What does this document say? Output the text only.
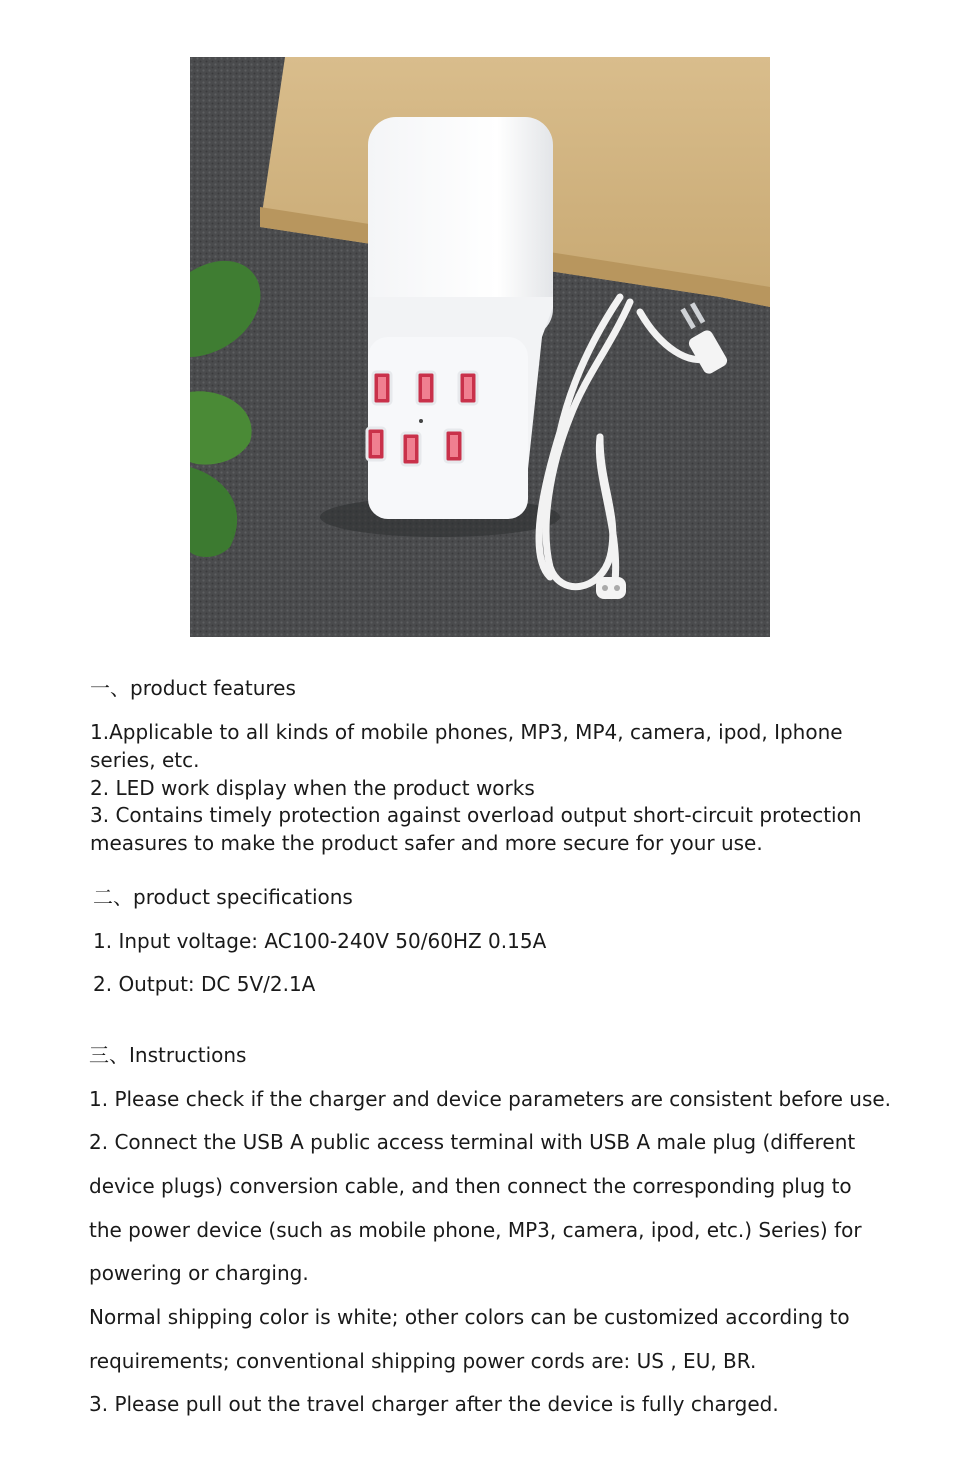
一、product features
1.Applicable to all kinds of mobile phones, MP3, MP4, camera, ipod, Iphone series, etc.
2. LED work display when the product works
3. Contains timely protection against overload output short-circuit protection measures to make the product safer and more secure for your use.
二、product specifications
1. Input voltage: AC100-240V 50/60HZ 0.15A
2. Output: DC 5V/2.1A
三、Instructions
1. Please check if the charger and device parameters are consistent before use.
2. Connect the USB A public access terminal with USB A male plug (different
device plugs) conversion cable, and then connect the corresponding plug to
the power device (such as mobile phone, MP3, camera, ipod, etc.) Series) for
powering or charging.
Normal shipping color is white; other colors can be customized according to
requirements; conventional shipping power cords are: US , EU, BR.
3. Please pull out the travel charger after the device is fully charged.
